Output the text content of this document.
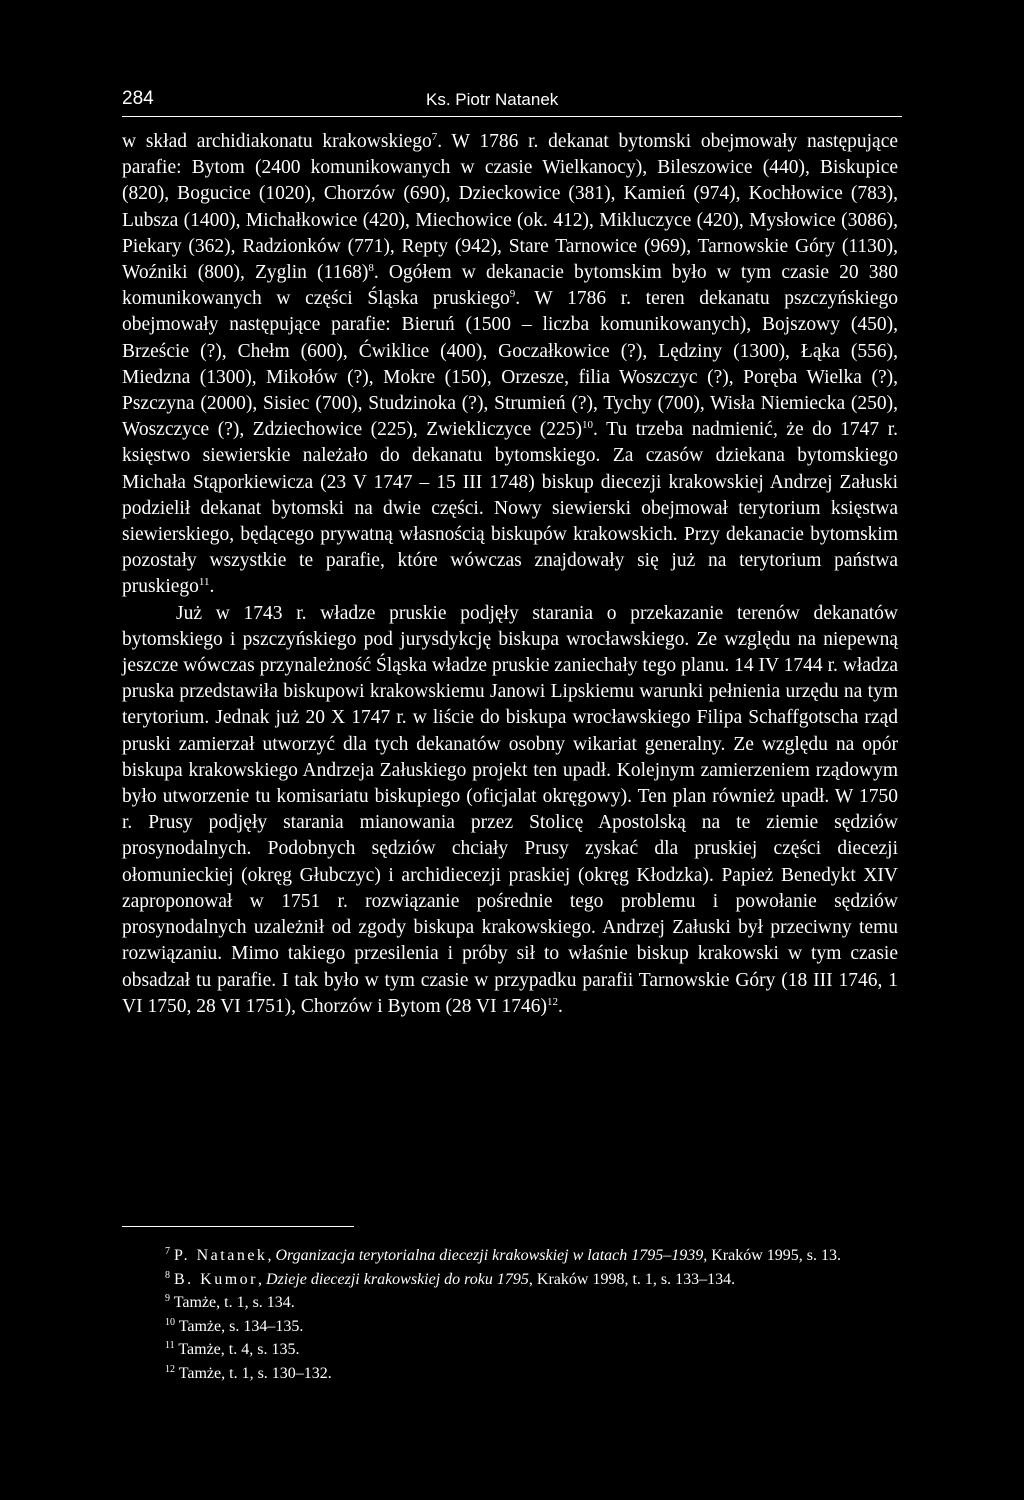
284	Ks. Piotr Natanek

w skład archidiakonatu krakowskiego$^7$. W 1786 r. dekanat bytomski obejmowały następujące parafie: Bytom (2400 komunikowanych w czasie Wielkanocy), Bileszowice (440), Biskupice (820), Bogucice (1020), Chorzów (690), Dzieckowice (381), Kamień (974), Kochłowice (783), Lubsza (1400), Michałkowice (420), Miechowice (ok. 412), Mikluczyce (420), Mysłowice (3086), Piekary (362), Radzionków (771), Repty (942), Stare Tarnowice (969), Tarnowskie Góry (1130), Woźniki (800), Zyglin $(1168)^8$. Ogółem w dekanacie bytomskim było w tym czasie 20 380 komunikowanych w części Śląska pruskiego$^9$. W 1786 r. teren dekanatu pszczyńskiego obejmowały następujące parafie: Bieruń (1500 – liczba komunikowanych), Bojszowy (450), Brzeście (?), Chełm (600), Ćwiklice (400), Goczałkowice (?), Lędziny (1300), Łąka (556), Miedzna (1300), Mikołów (?), Mokre (150), Orzesze, filia Woszczyc (?), Poręba Wielka (?), Pszczyna (2000), Sisiec (700), Studzinoka (?), Strumień (?), Tychy (700), Wisła Niemiecka (250), Woszczyce (?), Zdziechowice (225), Zwiekliczyce $(225)^{10}$. Tu trzeba nadmienić, że do 1747 r. księstwo siewierskie należało do dekanatu bytomskiego. Za czasów dziekana bytomskiego Michała Stąporkiewicza (23 V 1747 – 15 III 1748) biskup diecezji krakowskiej Andrzej Załuski podzielił dekanat bytomski na dwie części. Nowy siewierski obejmował terytorium księstwa siewierskiego, będącego prywatną własnością biskupów krakowskich. Przy dekanacie bytomskim pozostały wszystkie te parafie, które wówczas znajdowały się już na terytorium państwa pruskiego$^{11}$.

Już w 1743 r. władze pruskie podjęły starania o przekazanie terenów dekanatów bytomskiego i pszczyńskiego pod jurysdykcję biskupa wrocławskiego. Ze względu na niepewną jeszcze wówczas przynależność Śląska władze pruskie zaniechały tego planu. 14 IV 1744 r. władza pruska przedstawiła biskupowi krakowskiemu Janowi Lipskiemu warunki pełnienia urzędu na tym terytorium. Jednak już 20 X 1747 r. w liście do biskupa wrocławskiego Filipa Schaffgotscha rząd pruski zamierzał utworzyć dla tych dekanatów osobny wikariat generalny. Ze względu na opór biskupa krakowskiego Andrzeja Załuskiego projekt ten upadł. Kolejnym zamierzeniem rządowym było utworzenie tu komisariatu biskupiego (oficjalat okręgowy). Ten plan również upadł. W 1750 r. Prusy podjęły starania mianowania przez Stolicę Apostolską na te ziemie sędziów prosynodalnych. Podobnych sędziów chciały Prusy zyskać dla pruskiej części diecezji ołomunieckiej (okręg Głubczyc) i archidiecezji praskiej (okręg Kłodzka). Papież Benedykt XIV zaproponował w 1751 r. rozwiązanie pośrednie tego problemu i powołanie sędziów prosynodalnych uzależnił od zgody biskupa krakowskiego. Andrzej Załuski był przeciwny temu rozwiązaniu. Mimo takiego przesilenia i próby sił to właśnie biskup krakowski w tym czasie obsadzał tu parafie. I tak było w tym czasie w przypadku parafii Tarnowskie Góry (18 III 1746, 1 VI 1750, 28 VI 1751), Chorzów i Bytom (28 VI 1746)$^{12}$.

$^7$ P. Natanek, Organizacja terytorialna diecezji krakowskiej w latach 1795–1939, Kraków 1995, s. 13.

$^8$ B. Kumor, Dzieje diecezji krakowskiej do roku 1795, Kraków 1998, t. 1, s. 133–134.

$^9$ Tamże, t. 1, s. 134.

$^{10}$ Tamże, s. 134–135.

$^{11}$ Tamże, t. 4, s. 135.

$^{12}$ Tamże, t. 1, s. 130–132.
